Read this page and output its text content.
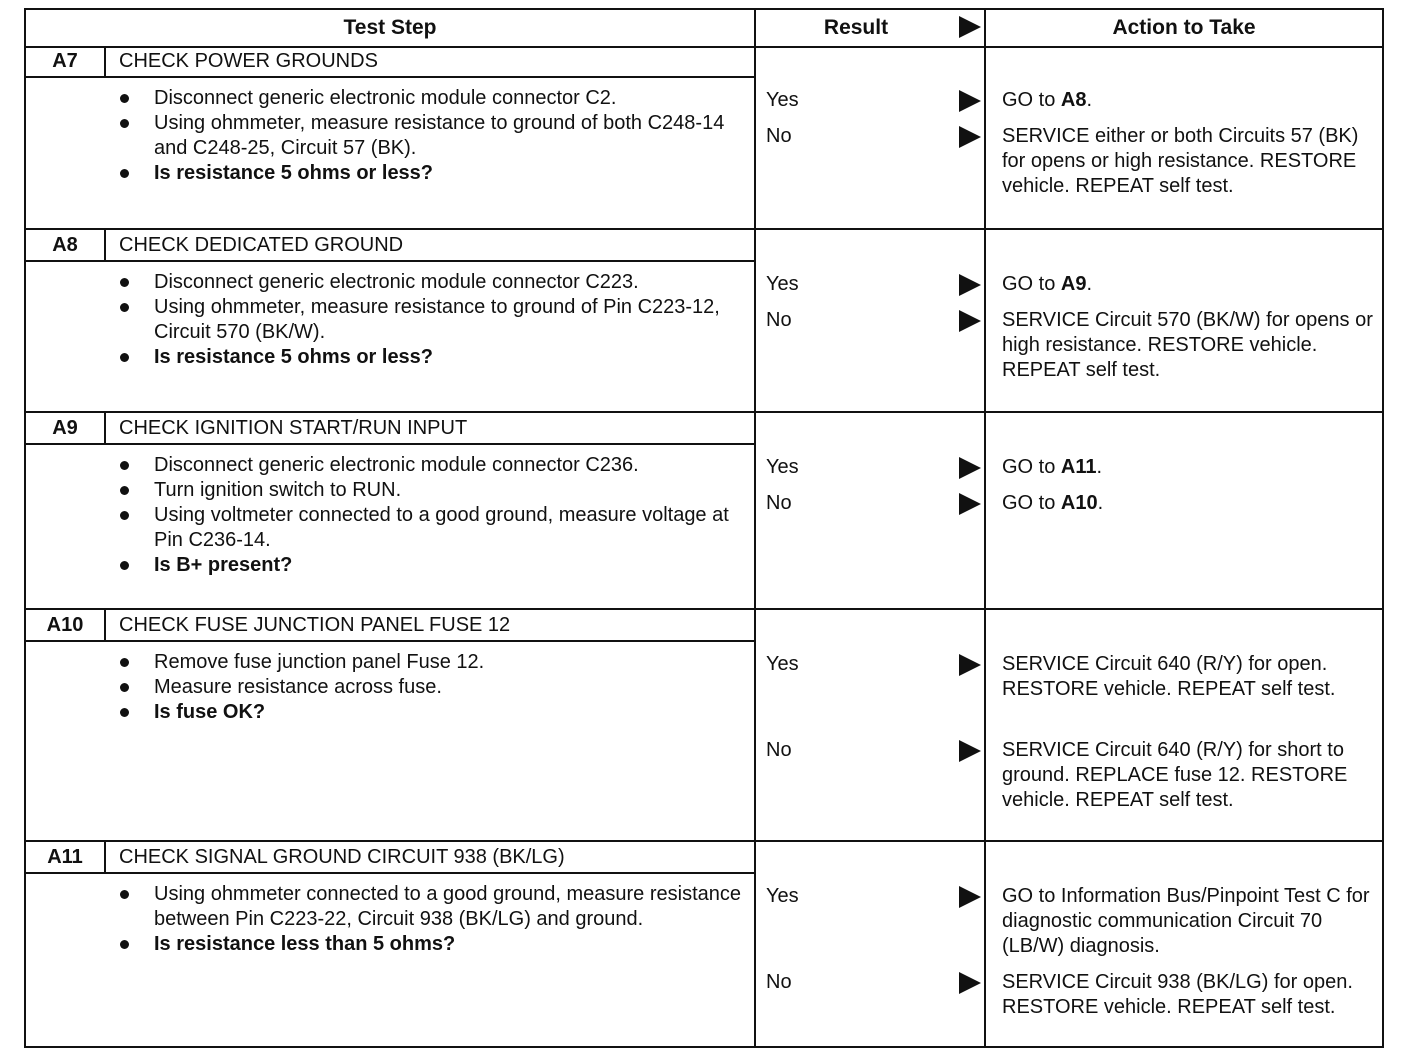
Test Step	Result	Action to Take
A7	CHECK POWER GROUNDS
Disconnect generic electronic module connector C2.
Using ohmmeter, measure resistance to ground of both C248-14 and C248-25, Circuit 57 (BK).
Is resistance 5 ohms or less?
Yes	GO to A8.
No	SERVICE either or both Circuits 57 (BK) for opens or high resistance. RESTORE vehicle. REPEAT self test.
A8	CHECK DEDICATED GROUND
Disconnect generic electronic module connector C223.
Using ohmmeter, measure resistance to ground of Pin C223-12, Circuit 570 (BK/W).
Is resistance 5 ohms or less?
Yes	GO to A9.
No	SERVICE Circuit 570 (BK/W) for opens or high resistance. RESTORE vehicle. REPEAT self test.
A9	CHECK IGNITION START/RUN INPUT
Disconnect generic electronic module connector C236.
Turn ignition switch to RUN.
Using voltmeter connected to a good ground, measure voltage at Pin C236-14.
Is B+ present?
Yes	GO to A11.
No	GO to A10.
A10	CHECK FUSE JUNCTION PANEL FUSE 12
Remove fuse junction panel Fuse 12.
Measure resistance across fuse.
Is fuse OK?
Yes	SERVICE Circuit 640 (R/Y) for open. RESTORE vehicle. REPEAT self test.
No	SERVICE Circuit 640 (R/Y) for short to ground. REPLACE fuse 12. RESTORE vehicle. REPEAT self test.
A11	CHECK SIGNAL GROUND CIRCUIT 938 (BK/LG)
Using ohmmeter connected to a good ground, measure resistance between Pin C223-22, Circuit 938 (BK/LG) and ground.
Is resistance less than 5 ohms?
Yes	GO to Information Bus/Pinpoint Test C for diagnostic communication Circuit 70 (LB/W) diagnosis.
No	SERVICE Circuit 938 (BK/LG) for open. RESTORE vehicle. REPEAT self test.
